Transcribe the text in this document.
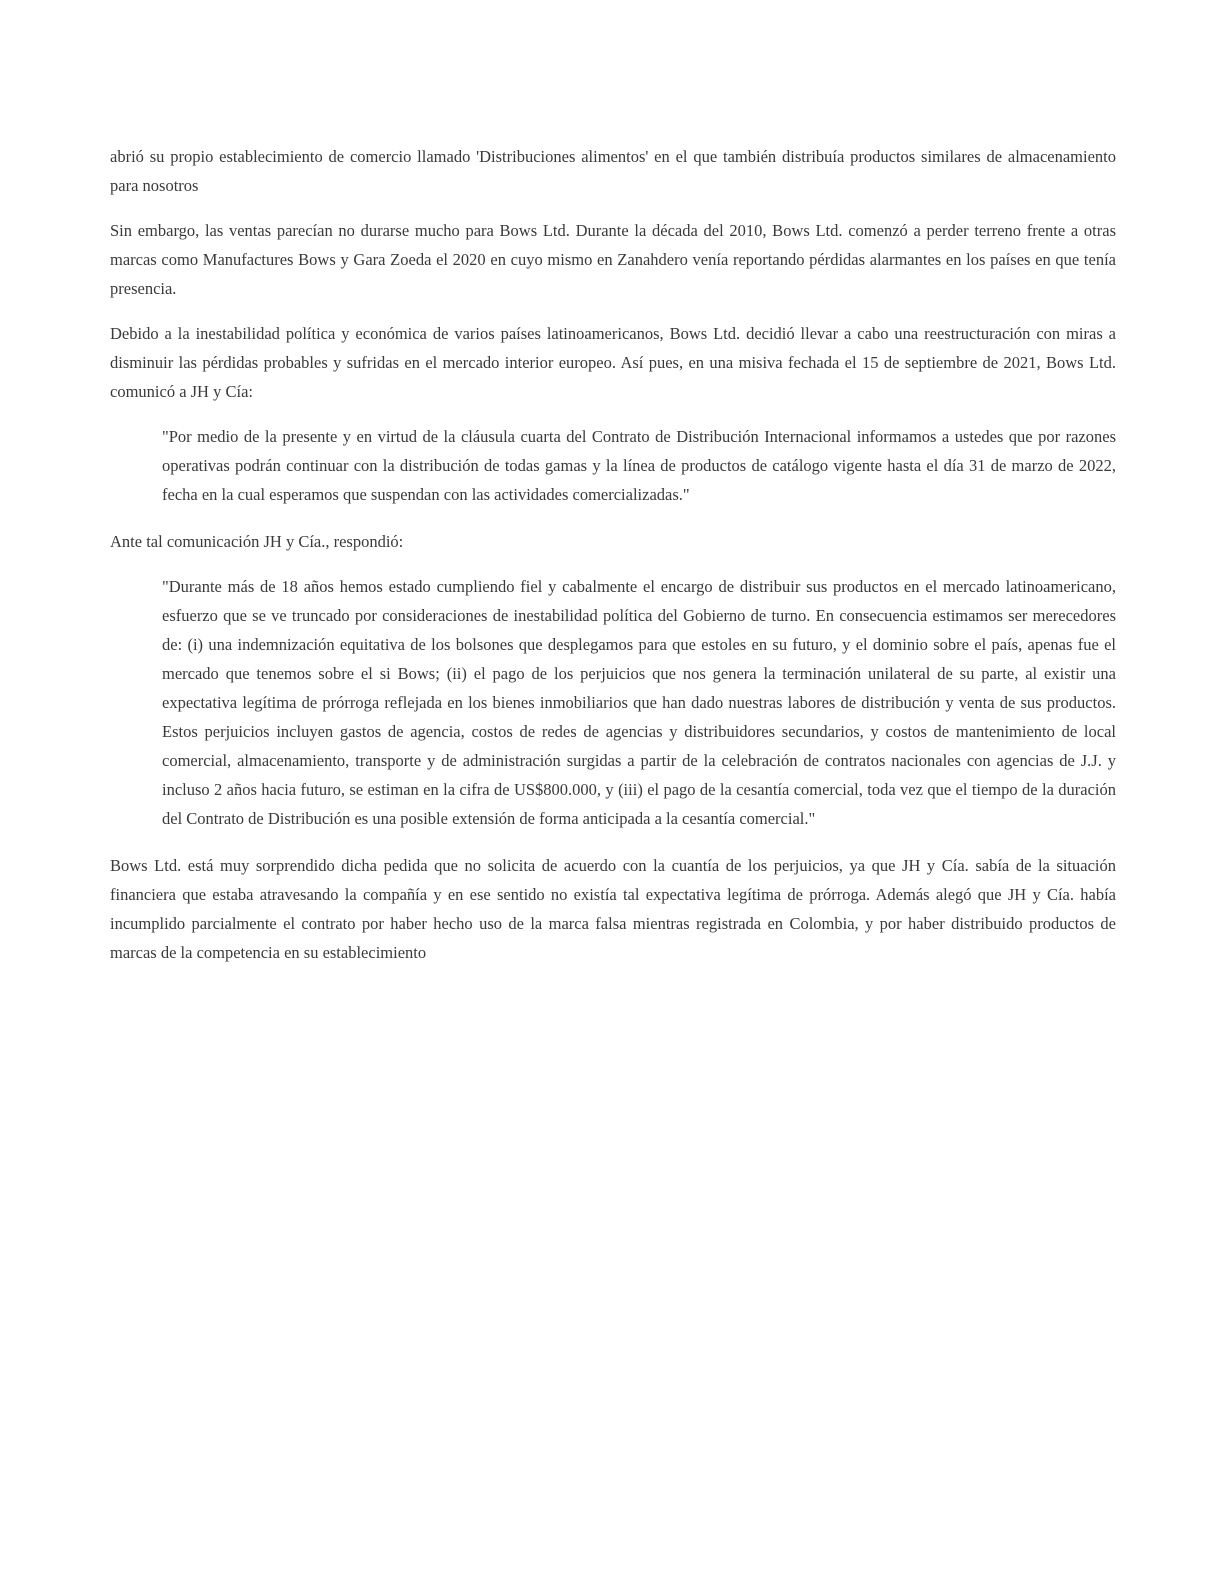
abrió su propio establecimiento de comercio llamado 'Distribuciones alimentos' en el que también distribuía productos similares de almacenamiento para nosotros

Sin embargo, las ventas parecían no durarse mucho para Bows Ltd. Durante la década del 2010, Bows Ltd. comenzó a perder terreno frente a otras marcas como Manufactures Bows y Gara Zoeda el 2020 en cuyo mismo en Zanahdero venía reportando pérdidas alarmantes en los países en que tenía presencia.

Debido a la inestabilidad política y económica de varios países latinoamericanos, Bows Ltd. decidió llevar a cabo una reestructuración con miras a disminuir las pérdidas probables y sufridas en el mercado interior europeo. Así pues, en una misiva fechada el 15 de septiembre de 2021, Bows Ltd. comunicó a JH y Cía:

"Por medio de la presente y en virtud de la cláusula cuarta del Contrato de Distribución Internacional informamos a ustedes que por razones operativas podrán continuar con la distribución de todas gamas y la línea de productos de catálogo vigente hasta el día 31 de marzo de 2022, fecha en la cual esperamos que suspendan con las actividades comercializadas."

Ante tal comunicación JH y Cía., respondió:

"Durante más de 18 años hemos estado cumpliendo fiel y cabalmente el encargo de distribuir sus productos en el mercado latinoamericano, esfuerzo que se ve truncado por consideraciones de inestabilidad política del Gobierno de turno. En consecuencia estimamos ser merecedores de: (i) una indemnización equitativa de los bolsones que desplegamos para que estoles en su futuro, y el dominio sobre el país, apenas fue el mercado que tenemos sobre el si Bows; (ii) el pago de los perjuicios que nos genera la terminación unilateral de su parte, al existir una expectativa legítima de prórroga reflejada en los bienes inmobiliarios que han dado nuestras labores de distribución y venta de sus productos. Estos perjuicios incluyen gastos de agencia, costos de redes de agencias y distribuidores secundarios, y costos de mantenimiento de local comercial, almacenamiento, transporte y de administración surgidas a partir de la celebración de contratos nacionales con agencias de J.J. y incluso 2 años hacia futuro, se estiman en la cifra de US$800.000, y (iii) el pago de la cesantía comercial, toda vez que el tiempo de la duración del Contrato de Distribución es una posible extensión de forma anticipada a la cesantía comercial."

Bows Ltd. está muy sorprendido dicha pedida que no solicita de acuerdo con la cuantía de los perjuicios, ya que JH y Cía. sabía de la situación financiera que estaba atravesando la compañía y en ese sentido no existía tal expectativa legítima de prórroga. Además alegó que JH y Cía. había incumplido parcialmente el contrato por haber hecho uso de la marca falsa mientras registrada en Colombia, y por haber distribuido productos de marcas de la competencia en su establecimiento
